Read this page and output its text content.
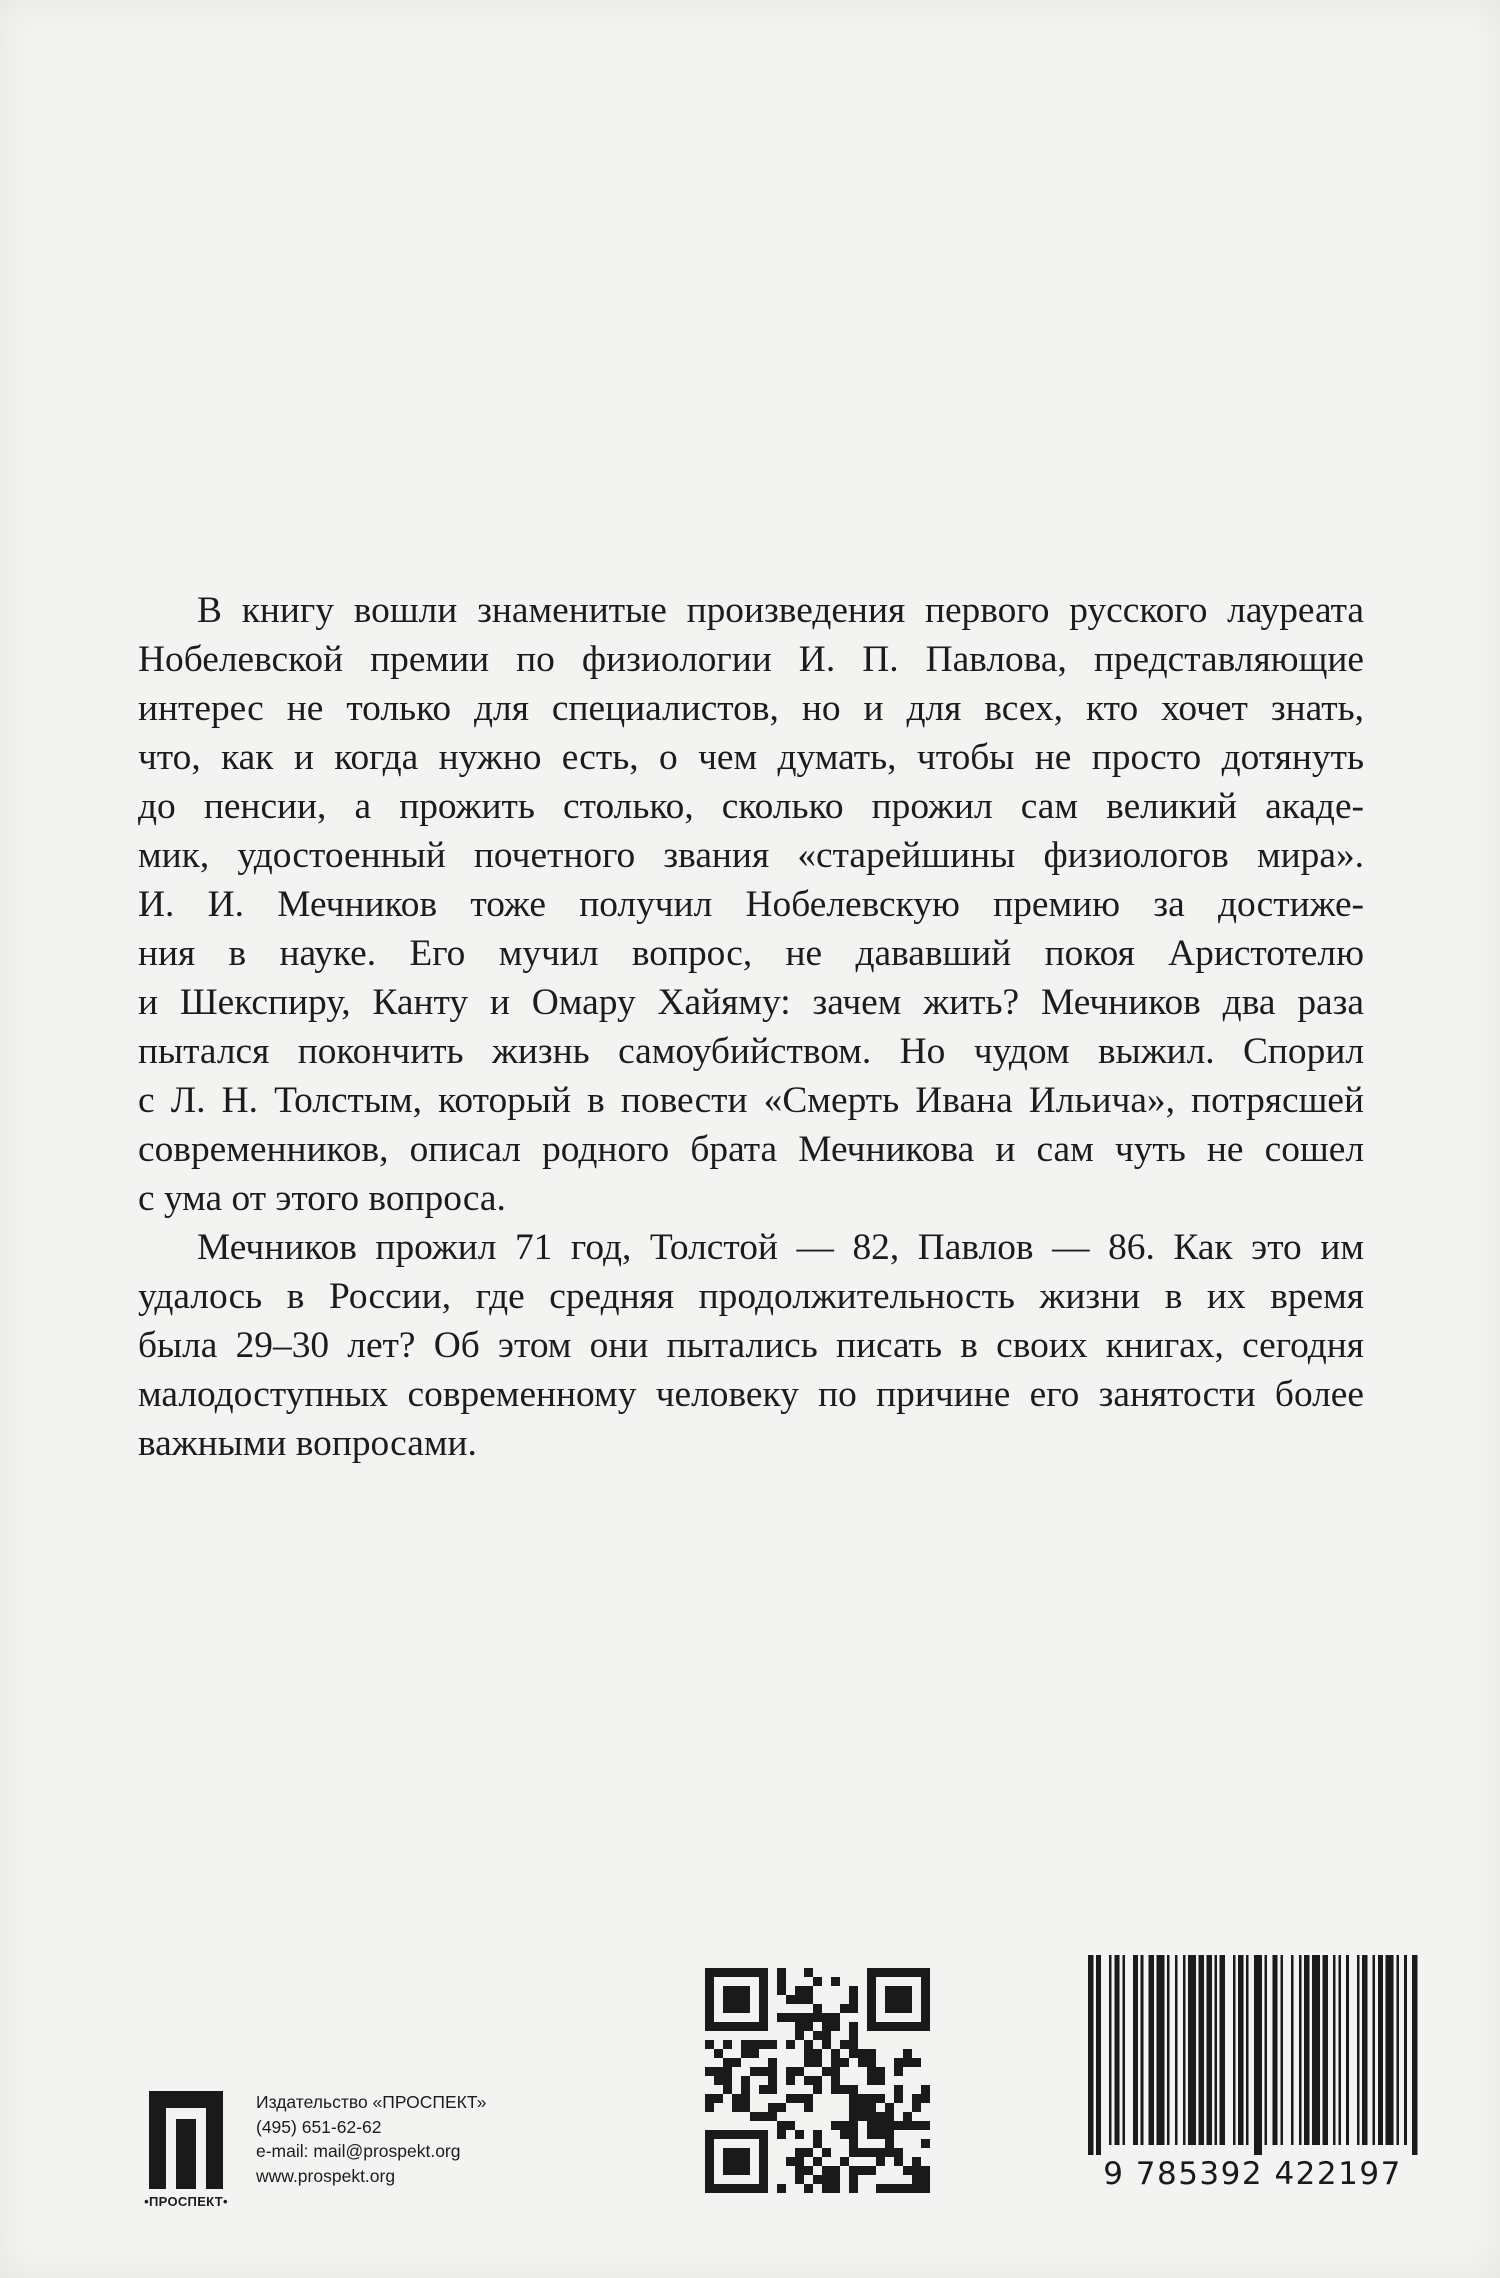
В книгу вошли знаменитые произведения первого русского лауреата
Нобелевской премии по физиологии И. П. Павлова, представляющие
интерес не только для специалистов, но и для всех, кто хочет знать,
что, как и когда нужно есть, о чем думать, чтобы не просто дотянуть
до пенсии, а прожить столько, сколько прожил сам великий акаде-
мик, удостоенный почетного звания «старейшины физиологов мира».
И. И. Мечников тоже получил Нобелевскую премию за достиже-
ния в науке. Его мучил вопрос, не дававший покоя Аристотелю
и Шекспиру, Канту и Омару Хайяму: зачем жить? Мечников два раза
пытался покончить жизнь самоубийством. Но чудом выжил. Спорил
с Л. Н. Толстым, который в повести «Смерть Ивана Ильича», потрясшей
современников, описал родного брата Мечникова и сам чуть не сошел
с ума от этого вопроса.
Мечников прожил 71 год, Толстой — 82, Павлов — 86. Как это им
удалось в России, где средняя продолжительность жизни в их время
была 29–30 лет? Об этом они пытались писать в своих книгах, сегодня
малодоступных современному человеку по причине его занятости более
важными вопросами.
•ПРОСПЕКТ•
Издательство «ПРОСПЕКТ»
(495) 651-62-62
e-mail: mail@prospekt.org
www.prospekt.org	9 785392 422197
